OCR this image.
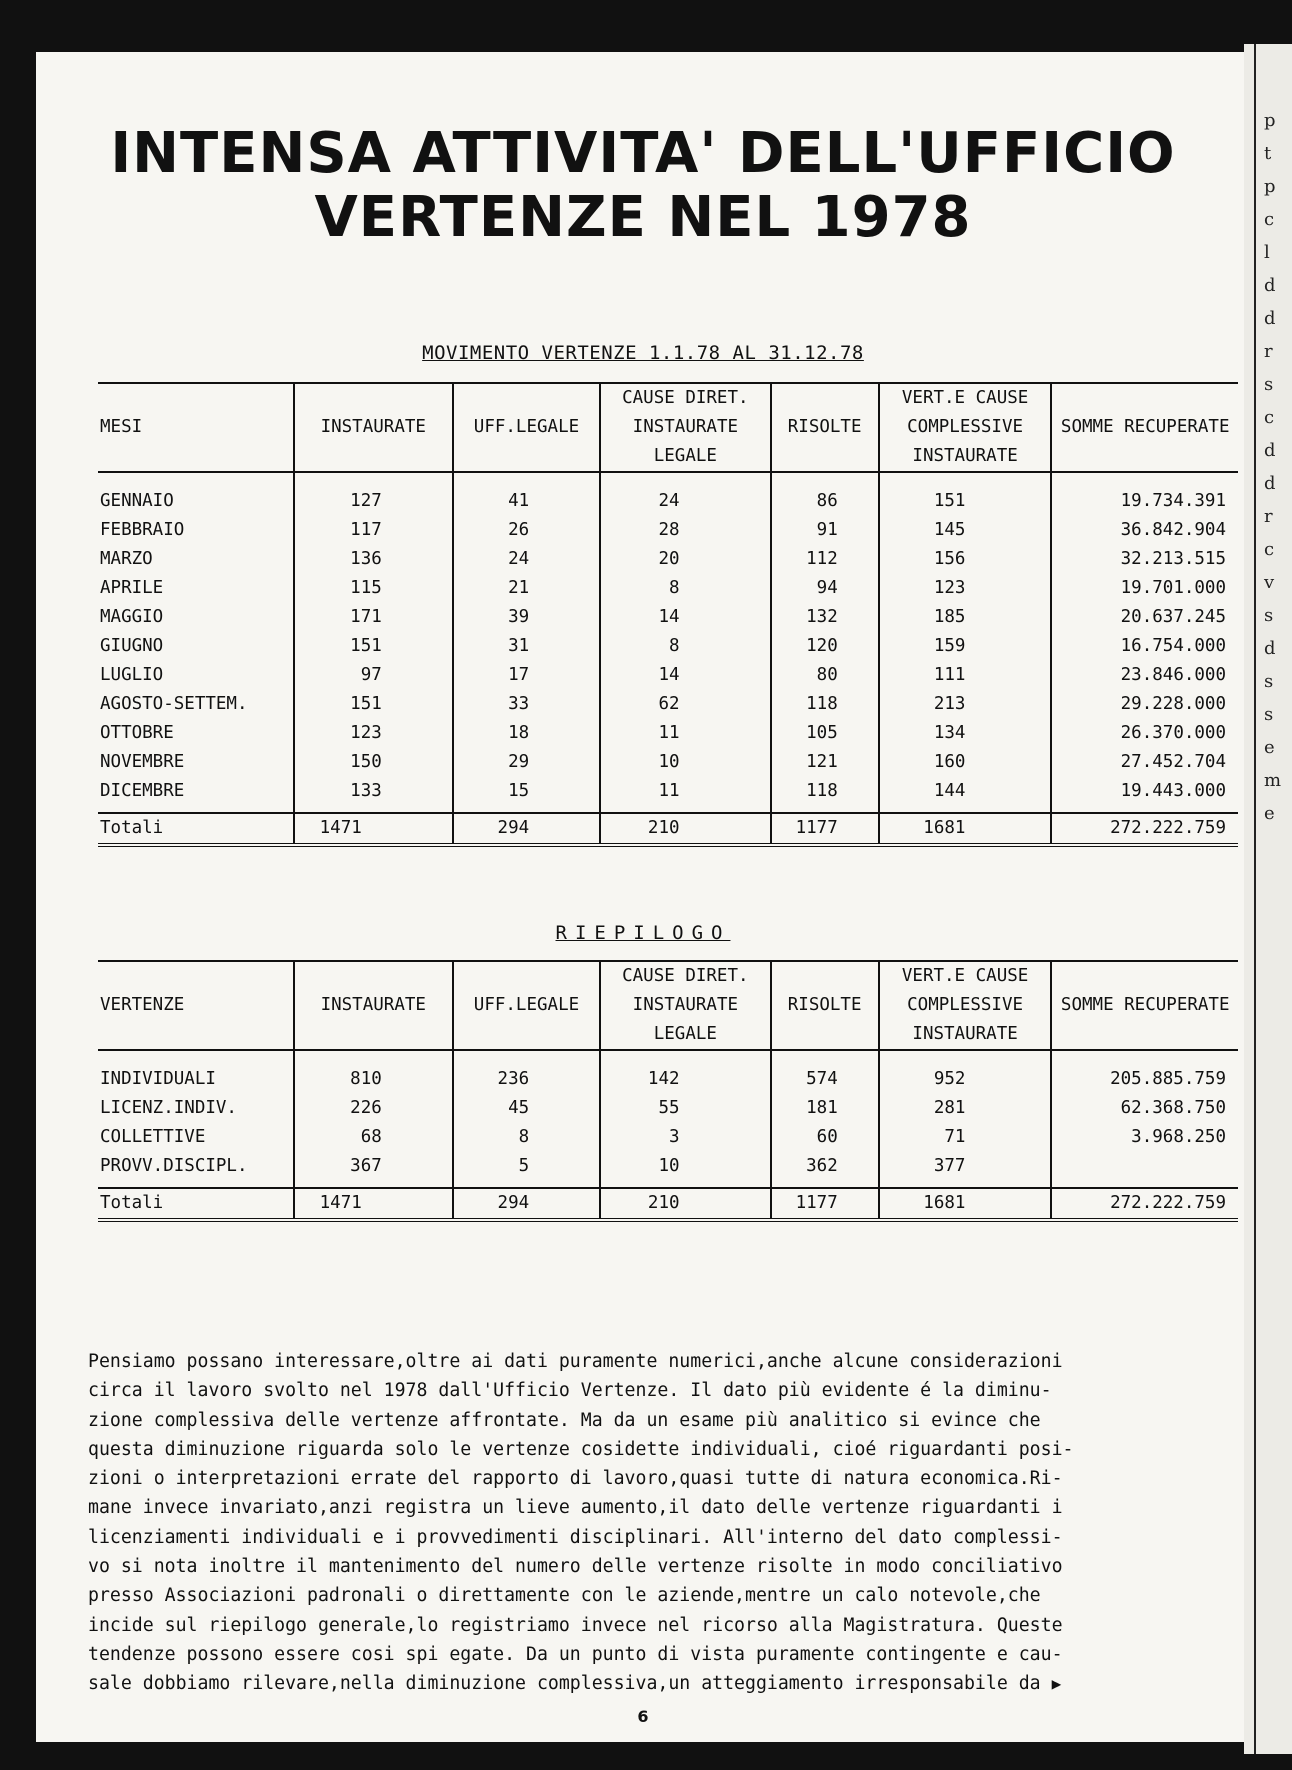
INTENSA ATTIVITA' DELL'UFFICIO
VERTENZE NEL 1978
MOVIMENTO VERTENZE 1.1.78 AL 31.12.78
MESI	INSTAURATE	UFF.LEGALE	CAUSE DIRET. INSTAURATE LEGALE	RISOLTE	VERT.E CAUSE COMPLESSIVE INSTAURATE	SOMME RECUPERATE
GENNAIO	127	41	24	86	151	19.734.391
FEBBRAIO	117	26	28	91	145	36.842.904
MARZO	136	24	20	112	156	32.213.515
APRILE	115	21	8	94	123	19.701.000
MAGGIO	171	39	14	132	185	20.637.245
GIUGNO	151	31	8	120	159	16.754.000
LUGLIO	97	17	14	80	111	23.846.000
AGOSTO-SETTEM.	151	33	62	118	213	29.228.000
OTTOBRE	123	18	11	105	134	26.370.000
NOVEMBRE	150	29	10	121	160	27.452.704
DICEMBRE	133	15	11	118	144	19.443.000
Totali	1471	294	210	1177	1681	272.222.759
RIEPILOGO
VERTENZE	INSTAURATE	UFF.LEGALE	CAUSE DIRET. INSTAURATE LEGALE	RISOLTE	VERT.E CAUSE COMPLESSIVE INSTAURATE	SOMME RECUPERATE
INDIVIDUALI	810	236	142	574	952	205.885.759
LICENZ.INDIV.	226	45	55	181	281	62.368.750
COLLETTIVE	68	8	3	60	71	3.968.250
PROVV.DISCIPL.	367	5	10	362	377	
Totali	1471	294	210	1177	1681	272.222.759
Pensiamo possano interessare,oltre ai dati puramente numerici,anche alcune considerazioni
circa il lavoro svolto nel 1978 dall'Ufficio Vertenze. Il dato più evidente é la diminu-
zione complessiva delle vertenze affrontate. Ma da un esame più analitico si evince che
questa diminuzione riguarda solo le vertenze cosidette individuali, cioé riguardanti posi-
zioni o interpretazioni errate del rapporto di lavoro,quasi tutte di natura economica.Ri-
mane invece invariato,anzi registra un lieve aumento,il dato delle vertenze riguardanti i
licenziamenti individuali e i provvedimenti disciplinari. All'interno del dato complessi-
vo si nota inoltre il mantenimento del numero delle vertenze risolte in modo conciliativo
presso Associazioni padronali o direttamente con le aziende,mentre un calo notevole,che
incide sul riepilogo generale,lo registriamo invece nel ricorso alla Magistratura. Queste
tendenze possono essere cosi spi egate. Da un punto di vista puramente contingente e cau-
sale dobbiamo rilevare,nella diminuzione complessiva,un atteggiamento irresponsabile da ▶
6
p
t
p
c
l
d
d
r
s
c
d
d
r
c
v
s
d
s
s
e
m
e
